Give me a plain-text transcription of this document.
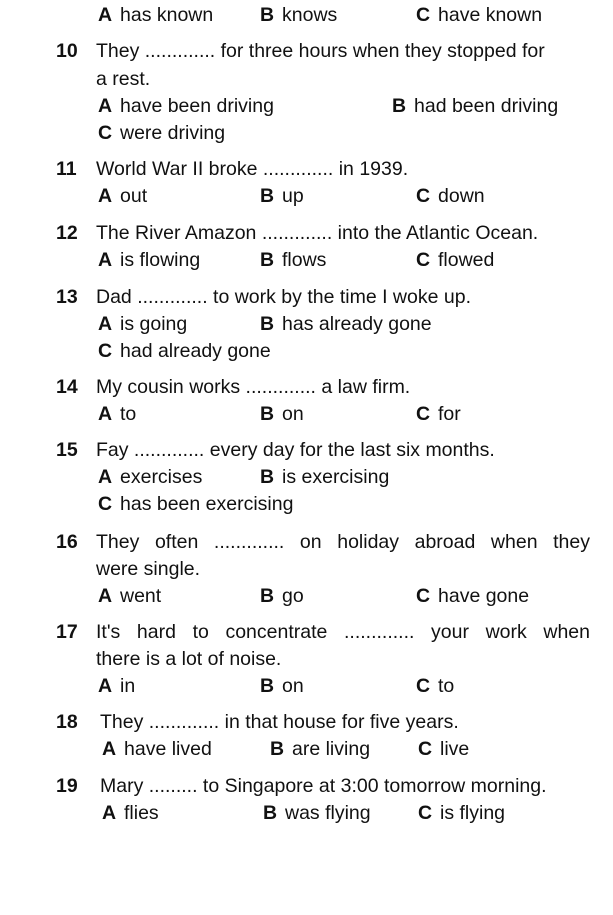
A has known B knows	C have known
10 They ............. for three hours when they stopped for
a rest.
A have been driving	B had been driving
C were driving
11 World War II broke ............. in 1939.
A out	B up	C down
12 The River Amazon ............. into the Atlantic Ocean.
A is flowing	B flows	C flowed
13 Dad ............. to work by the time I woke up.
A is going	B has already gone
C had already gone
14 My cousin works ............. a law firm.
A to	B on	C for
15 Fay ............. every day for the last six months.
A exercises	B is exercising
C has been exercising
16 They often ............. on holiday abroad when they
were single.
A went	B go	C have gone
17 It's hard to concentrate ............. your work when
there is a lot of noise.
A in	B on	C to
18 They ............. in that house for five years.
A have lived	B are living C live
19 Mary ......... to Singapore at 3:00 tomorrow morning.
A flies	B was flying C is flying
